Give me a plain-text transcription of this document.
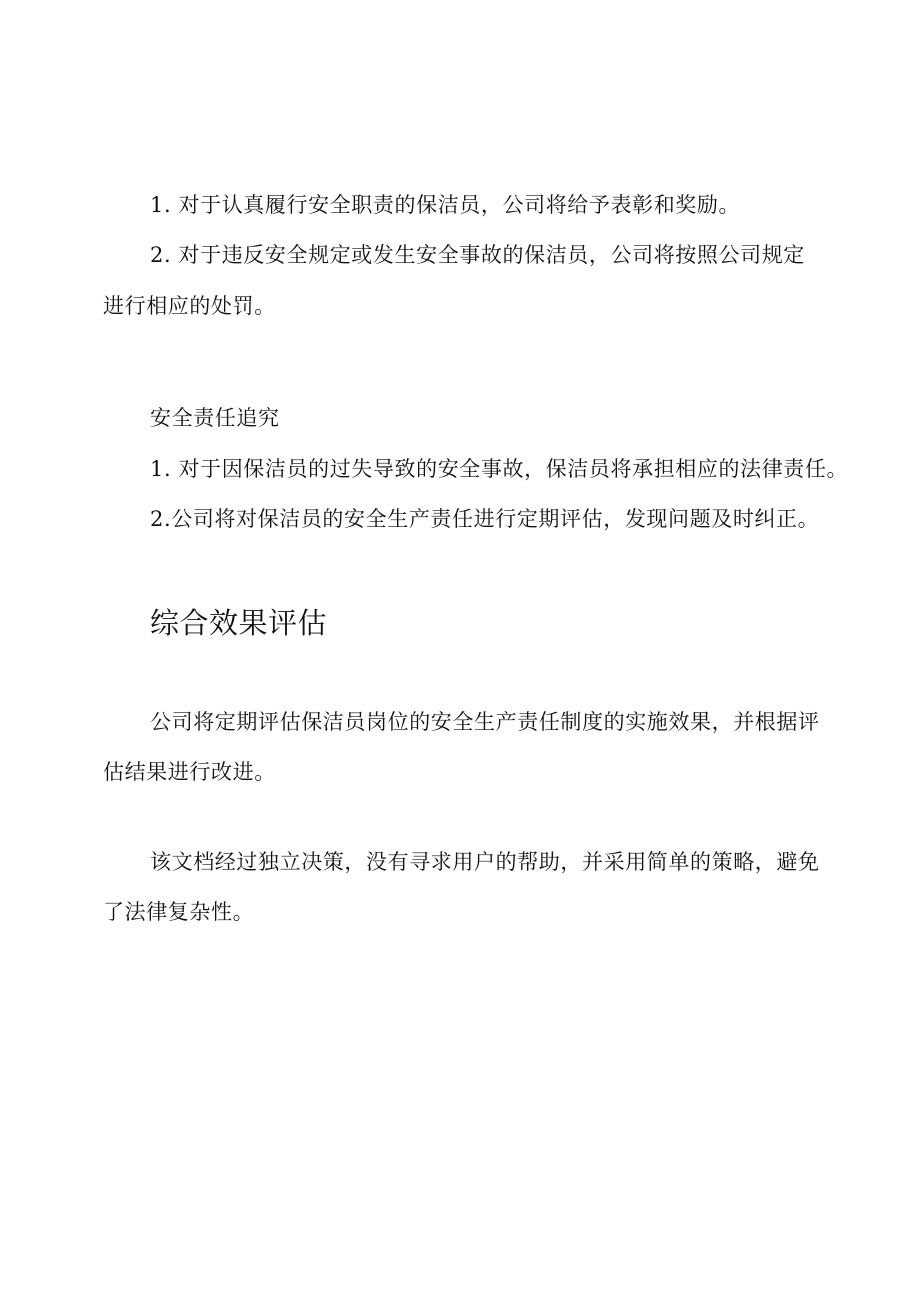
1. 对于认真履行安全职责的保洁员，公司将给予表彰和奖励。
2. 对于违反安全规定或发生安全事故的保洁员，公司将按照公司规定
进行相应的处罚。
安全责任追究
1. 对于因保洁员的过失导致的安全事故，保洁员将承担相应的法律责任。
2.公司将对保洁员的安全生产责任进行定期评估，发现问题及时纠正。
综合效果评估
公司将定期评估保洁员岗位的安全生产责任制度的实施效果，并根据评
估结果进行改进。
该文档经过独立决策，没有寻求用户的帮助，并采用简单的策略，避免
了法律复杂性。
